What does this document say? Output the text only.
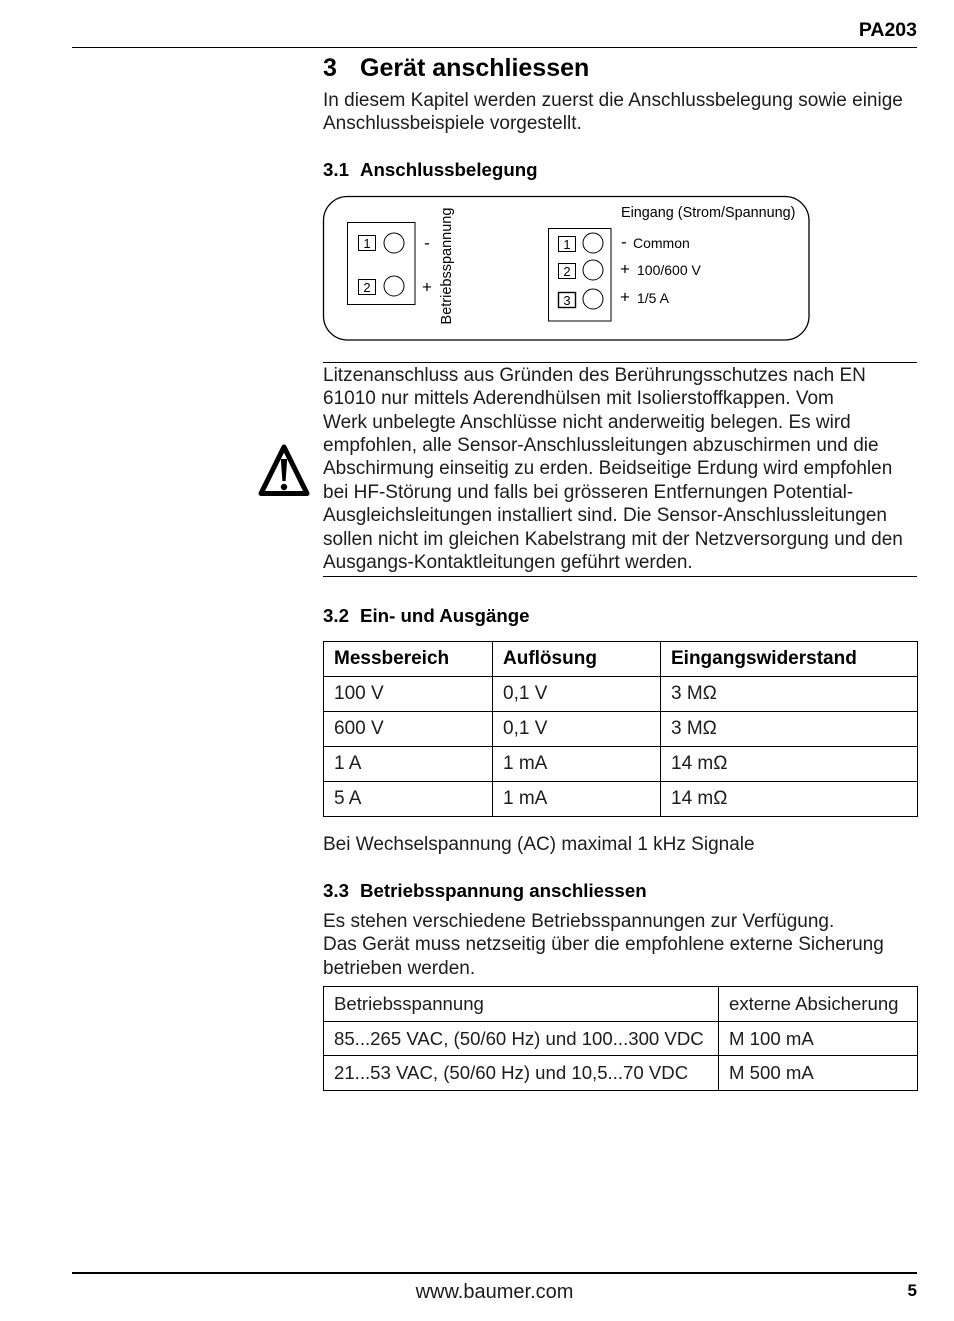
PA203
3 Gerät anschliessen
In diesem Kapitel werden zuerst die Anschlussbelegung sowie einige
Anschlussbeispiele vorgestellt.
3.1 Anschlussbelegung
1	-
2	+ Betriebsspannung	1
2
3
Eingang (Strom/Spannung)
- Common
+ 100/600 V
+ 1/5 A
Litzenanschluss aus Gründen des Berührungsschutzes nach EN
61010 nur mittels Aderendhülsen mit Isolierstoffkappen. Vom
Werk unbelegte Anschlüsse nicht anderweitig belegen. Es wird
empfohlen, alle Sensor-Anschlussleitungen abzuschirmen und die
Abschirmung einseitig zu erden. Beidseitige Erdung wird empfohlen
bei HF-Störung und falls bei grösseren Entfernungen Potential-
Ausgleichsleitungen installiert sind. Die Sensor-Anschlussleitungen
sollen nicht im gleichen Kabelstrang mit der Netzversorgung und den
Ausgangs-Kontaktleitungen geführt werden.
3.2 Ein- und Ausgänge
Messbereich	Auflösung	Eingangswiderstand
100 V	0,1 V	3 MΩ
600 V	0,1 V	3 MΩ
1 A	1 mA	14 mΩ
5 A	1 mA	14 mΩ
Bei Wechselspannung (AC) maximal 1 kHz Signale
3.3 Betriebsspannung anschliessen
Es stehen verschiedene Betriebsspannungen zur Verfügung.
Das Gerät muss netzseitig über die empfohlene externe Sicherung
betrieben werden.
Betriebsspannung	externe Absicherung
85...265 VAC, (50/60 Hz) und 100...300 VDC	M 100 mA
21...53 VAC, (50/60 Hz) und 10,5...70 VDC	M 500 mA
www.baumer.com	5
